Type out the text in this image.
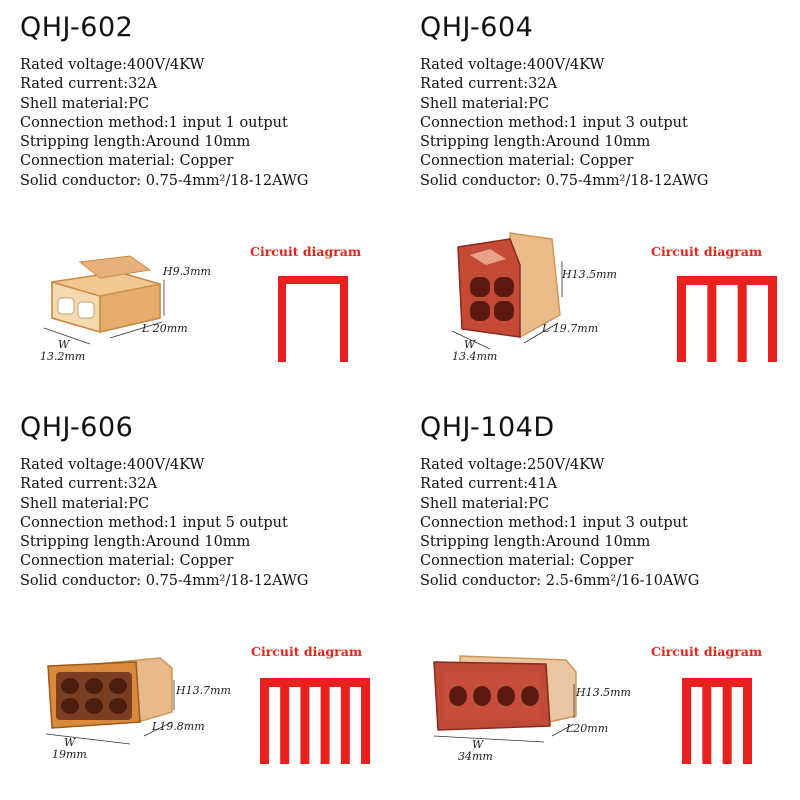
QHJ-602
Rated voltage:400V/4KW
Rated current:32A
Shell material:PC
Connection method:1 input 1 output
Stripping length:Around 10mm
Connection material: Copper
Solid conductor: 0.75-4mm²/18-12AWG
H9.3mm
L 20mm
W
13.2mm
Circuit diagram
QHJ-604
Rated voltage:400V/4KW
Rated current:32A
Shell material:PC
Connection method:1 input 3 output
Stripping length:Around 10mm
Connection material: Copper
Solid conductor: 0.75-4mm²/18-12AWG
H13.5mm
L 19.7mm
W
13.4mm
Circuit diagram
QHJ-606
Rated voltage:400V/4KW
Rated current:32A
Shell material:PC
Connection method:1 input 5 output
Stripping length:Around 10mm
Connection material: Copper
Solid conductor: 0.75-4mm²/18-12AWG
H13.7mm
L19.8mm
W
19mm
Circuit diagram
QHJ-104D
Rated voltage:250V/4KW
Rated current:41A
Shell material:PC
Connection method:1 input 3 output
Stripping length:Around 10mm
Connection material: Copper
Solid conductor: 2.5-6mm²/16-10AWG
H13.5mm
L20mm
W
34mm
Circuit diagram
